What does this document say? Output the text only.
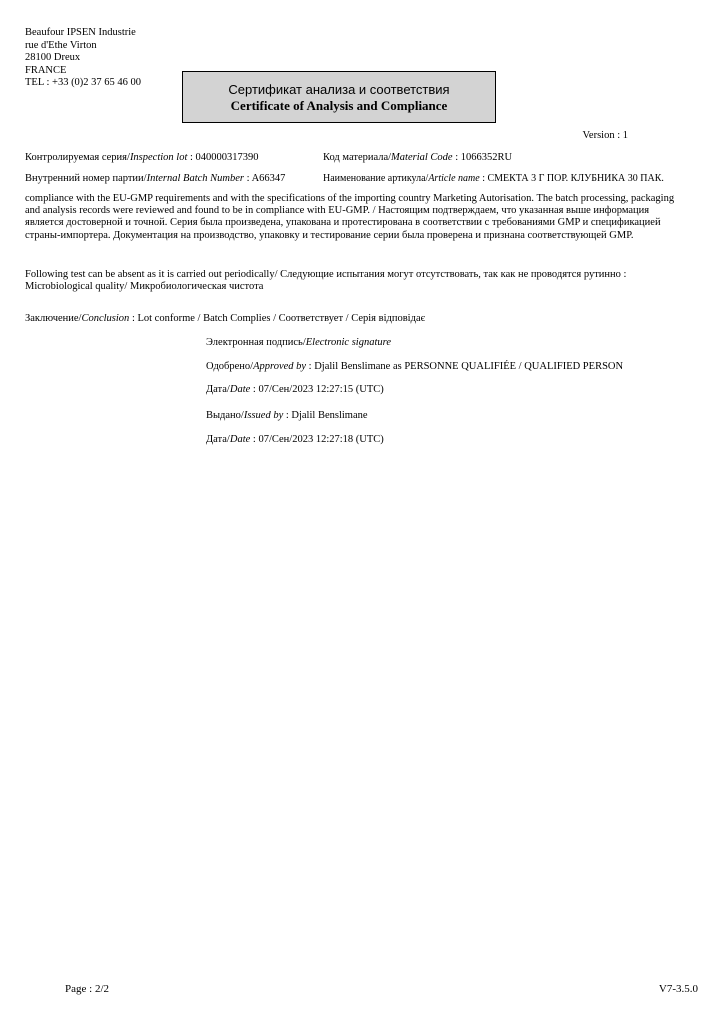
Beaufour IPSEN Industrie
rue d'Ethe Virton
28100 Dreux
FRANCE
TEL : +33 (0)2 37 65 46 00	Сертификат анализа и соответствия
Certificate of Analysis and Compliance
Version : 1
Контролируемая серия/Inspection lot : 040000317390	Код материала/Material Code : 1066352RU
Внутренний номер партии/Internal Batch Number : A66347	Наименование артикула/Article name : СМЕКТА 3 Г ПОР. КЛУБНИКА 30 ПАК.
compliance with the EU-GMP requirements and with the specifications of the importing country Marketing Autorisation. The batch processing, packaging and analysis records were reviewed and found to be in compliance with EU-GMP. / Настоящим подтверждаем, что указанная выше информация является достоверной и точной. Серия была произведена, упакована и протестирована в соответствии с требованиями GMP и спецификацией страны-импортера. Документация на производство, упаковку и тестирование серии была проверена и признана соответствующей GMP.
Following test can be absent as it is carried out periodically/ Следующие испытания могут отсутствовать, так как не проводятся рутинно : Microbiological quality/ Микробиологическая чистота
Заключение/Conclusion : Lot conforme / Batch Complies / Соответствует / Серія відповідає
Электронная подпись/Electronic signature
Одобрено/Approved by : Djalil Benslimane as PERSONNE QUALIFIÉE / QUALIFIED PERSON
Дата/Date : 07/Сен/2023 12:27:15 (UTC)
Выдано/Issued by : Djalil Benslimane
Дата/Date : 07/Сен/2023 12:27:18 (UTC)
Page : 2/2	V7-3.5.0
